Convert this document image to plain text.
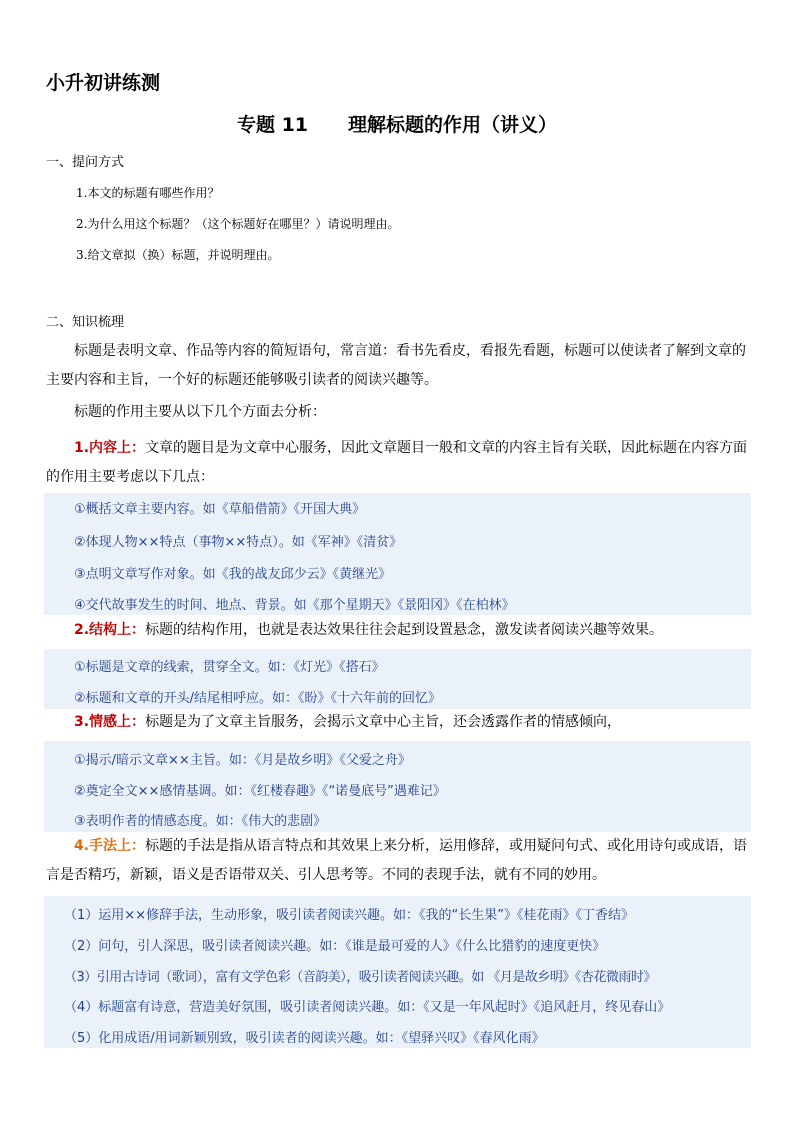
小升初讲练测
专题 11 理解标题的作用（讲义）
一、提问方式
1.本文的标题有哪些作用？
2.为什么用这个标题？（这个标题好在哪里？）请说明理由。
3.给文章拟（换）标题，并说明理由。
二、知识梳理
标题是表明文章、作品等内容的简短语句，常言道：看书先看皮，看报先看题，标题可以使读者了解到文章的主要内容和主旨，一个好的标题还能够吸引读者的阅读兴趣等。
标题的作用主要从以下几个方面去分析：
1.内容上：文章的题目是为文章中心服务，因此文章题目一般和文章的内容主旨有关联，因此标题在内容方面的作用主要考虑以下几点：
①概括文章主要内容。如《草船借箭》《开国大典》
②体现人物××特点（事物××特点）。如《军神》《清贫》
③点明文章写作对象。如《我的战友邱少云》《黄继光》
④交代故事发生的时间、地点、背景。如《那个星期天》《景阳冈》《在柏林》
2.结构上：标题的结构作用，也就是表达效果往往会起到设置悬念，激发读者阅读兴趣等效果。
①标题是文章的线索，贯穿全文。如：《灯光》《搭石》
②标题和文章的开头/结尾相呼应。如：《盼》《十六年前的回忆》
3.情感上：标题是为了文章主旨服务，会揭示文章中心主旨，还会透露作者的情感倾向，
①揭示/暗示文章××主旨。如：《月是故乡明》《父爱之舟》
②奠定全文××感情基调。如：《红楼春趣》《“诺曼底号”遇难记》
③表明作者的情感态度。如：《伟大的悲剧》
4.手法上：标题的手法是指从语言特点和其效果上来分析，运用修辞，或用疑问句式、或化用诗句或成语，语言是否精巧，新颖，语义是否语带双关、引人思考等。不同的表现手法，就有不同的妙用。
（1）运用××修辞手法，生动形象，吸引读者阅读兴趣。如：《我的“长生果”》《桂花雨》《丁香结》
（2）问句，引人深思，吸引读者阅读兴趣。如：《谁是最可爱的人》《什么比猎豹的速度更快》
（3）引用古诗词（歌词），富有文学色彩（音韵美），吸引读者阅读兴趣。如 《月是故乡明》《杏花微雨时》
（4）标题富有诗意，营造美好氛围，吸引读者阅读兴趣。如：《又是一年风起时》《追风赶月，终见春山》
（5）化用成语/用词新颖别致，吸引读者的阅读兴趣。如：《望驿兴叹》《春风化雨》
